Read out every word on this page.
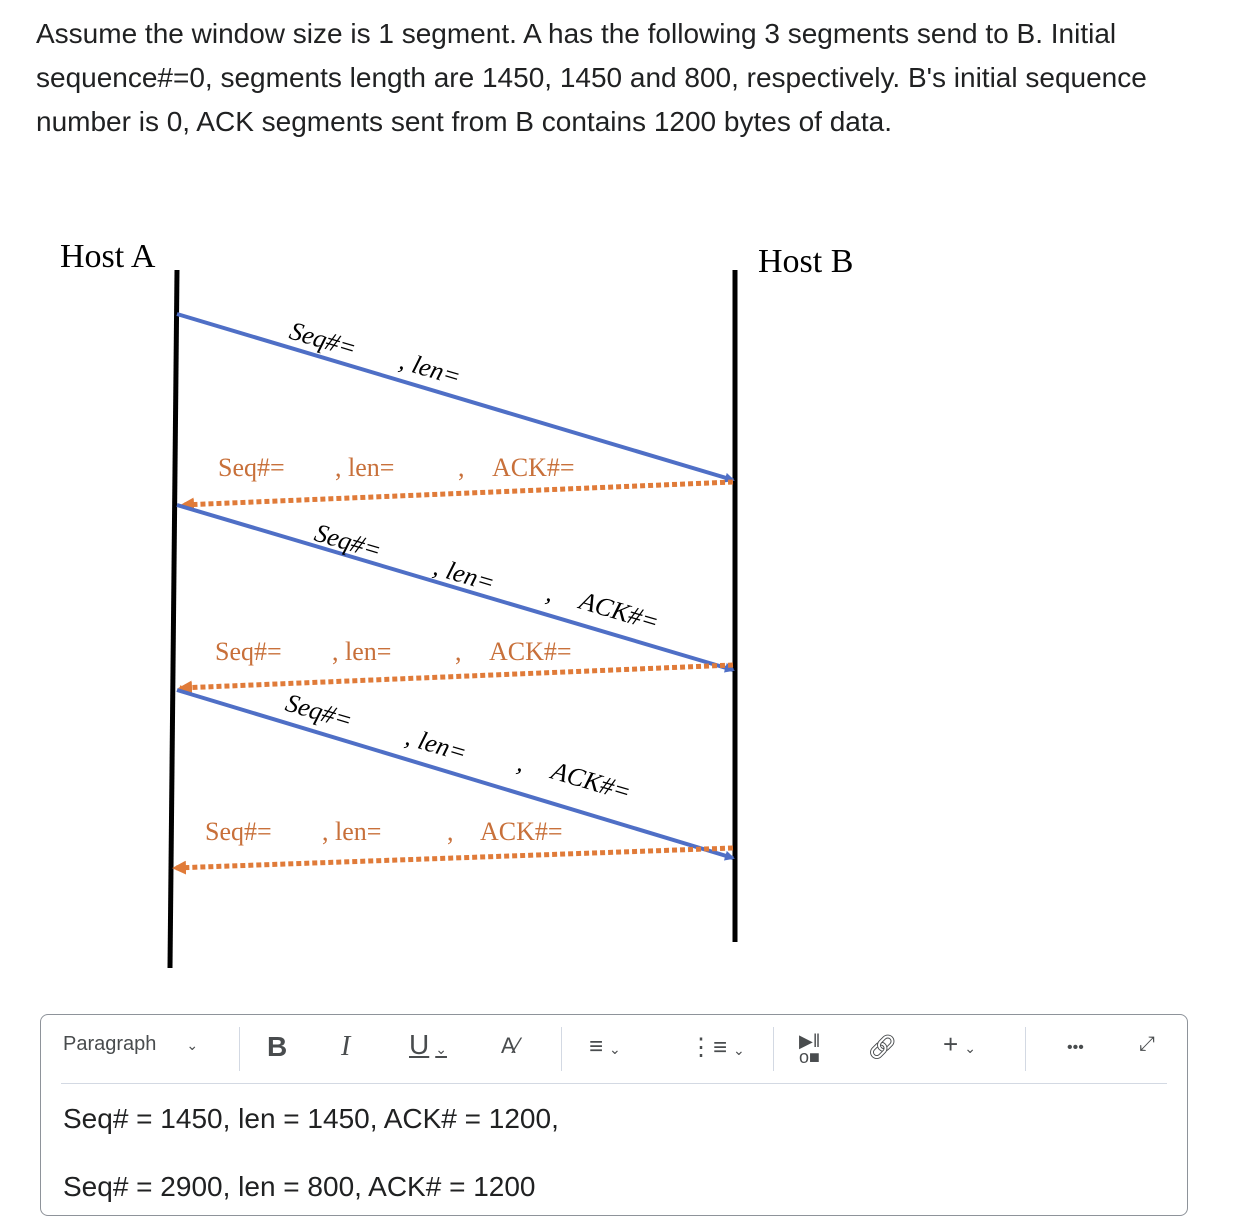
Assume the window size is 1 segment. A has the following 3 segments send to B. Initial sequence#=0, segments length are 1450, 1450 and 800, respectively. B's initial sequence number is 0, ACK segments sent from B contains 1200 bytes of data.
Host A	Host B
Seq#=
, len=
Seq#=
, len= , ACK#=
Seq#=
, len= , ACK#=
Seq#= , len= , ACK#=
Seq#= , len= , ACK#=
Seq#= , len=	, ACK#=
Paragraph ⌄ B I U ⌄ A⁄	≡ ⌄	⋮≡ ⌄	▶‖
o■ 🔗︎ + ⌄	•••	⤢
Seq# = 1450, len = 1450, ACK# = 1200,
Seq# = 2900, len = 800, ACK# = 1200
